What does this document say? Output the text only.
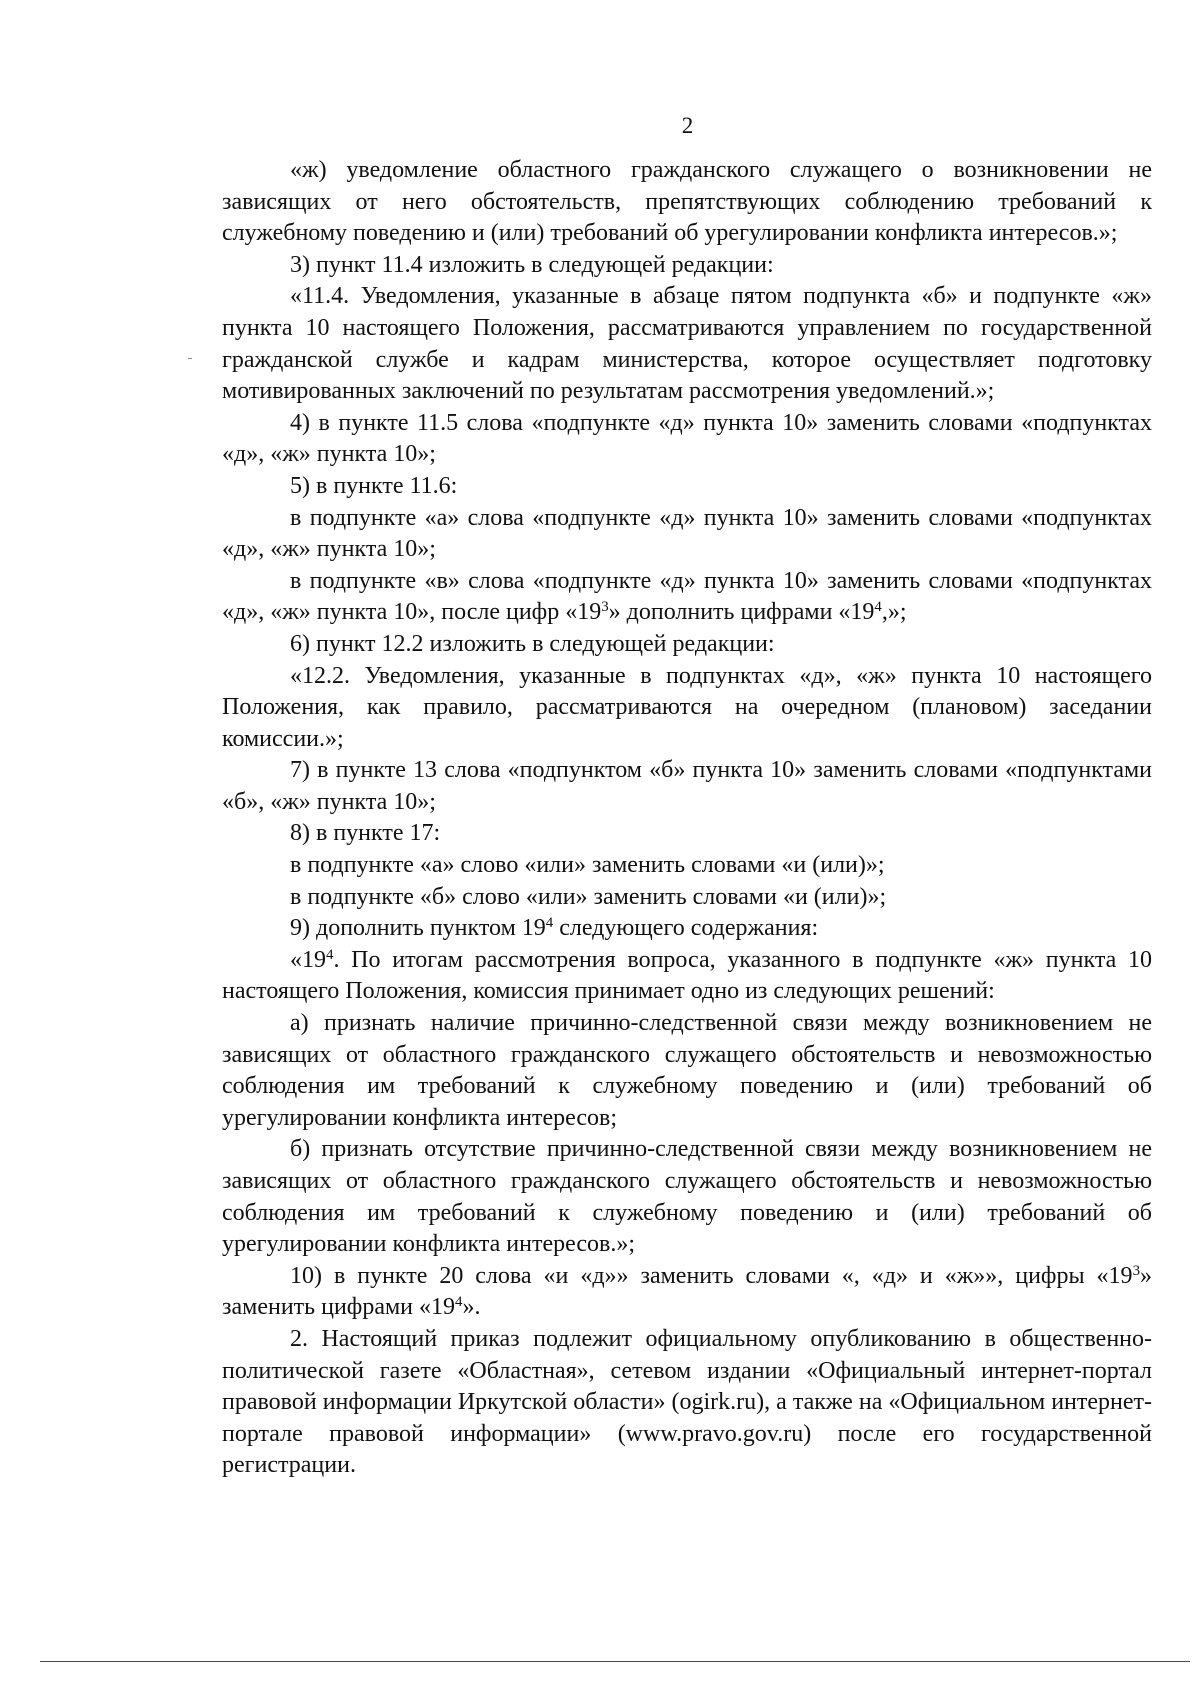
2

«ж) уведомление областного гражданского служащего о возникновении не зависящих от него обстоятельств, препятствующих соблюдению требований к служебному поведению и (или) требований об урегулировании конфликта интересов.»;

3) пункт 11.4 изложить в следующей редакции:

«11.4. Уведомления, указанные в абзаце пятом подпункта «б» и подпункте «ж» пункта 10 настоящего Положения, рассматриваются управлением по государственной гражданской службе и кадрам министерства, которое осуществляет подготовку мотивированных заключений по результатам рассмотрения уведомлений.»;

4) в пункте 11.5 слова «подпункте «д» пункта 10» заменить словами «подпунктах «д», «ж» пункта 10»;

5) в пункте 11.6:

в подпункте «а» слова «подпункте «д» пункта 10» заменить словами «подпунктах «д», «ж» пункта 10»;

в подпункте «в» слова «подпункте «д» пункта 10» заменить словами «подпунктах «д», «ж» пункта 10», после цифр «$19^3$» дополнить цифрами «$19^4$,»;

6) пункт 12.2 изложить в следующей редакции:

«12.2. Уведомления, указанные в подпунктах «д», «ж» пункта 10 настоящего Положения, как правило, рассматриваются на очередном (плановом) заседании комиссии.»;

7) в пункте 13 слова «подпунктом «б» пункта 10» заменить словами «подпунктами «б», «ж» пункта 10»;

8) в пункте 17:

в подпункте «а» слово «или» заменить словами «и (или)»;

в подпункте «б» слово «или» заменить словами «и (или)»;

9) дополнить пунктом $19^4$ следующего содержания:

«$19^4$. По итогам рассмотрения вопроса, указанного в подпункте «ж» пункта 10 настоящего Положения, комиссия принимает одно из следующих решений:

а) признать наличие причинно-следственной связи между возникновением не зависящих от областного гражданского служащего обстоятельств и невозможностью соблюдения им требований к служебному поведению и (или) требований об урегулировании конфликта интересов;

б) признать отсутствие причинно-следственной связи между возникновением не зависящих от областного гражданского служащего обстоятельств и невозможностью соблюдения им требований к служебному поведению и (или) требований об урегулировании конфликта интересов.»;

10) в пункте 20 слова «и «д»» заменить словами «, «д» и «ж»», цифры «$19^3$» заменить цифрами «$19^4$».

2. Настоящий приказ подлежит официальному опубликованию в общественно-политической газете «Областная», сетевом издании «Официальный интернет-портал правовой информации Иркутской области» (ogirk.ru), а также на «Официальном интернет-портале правовой информации» (www.pravo.gov.ru) после его государственной регистрации.
